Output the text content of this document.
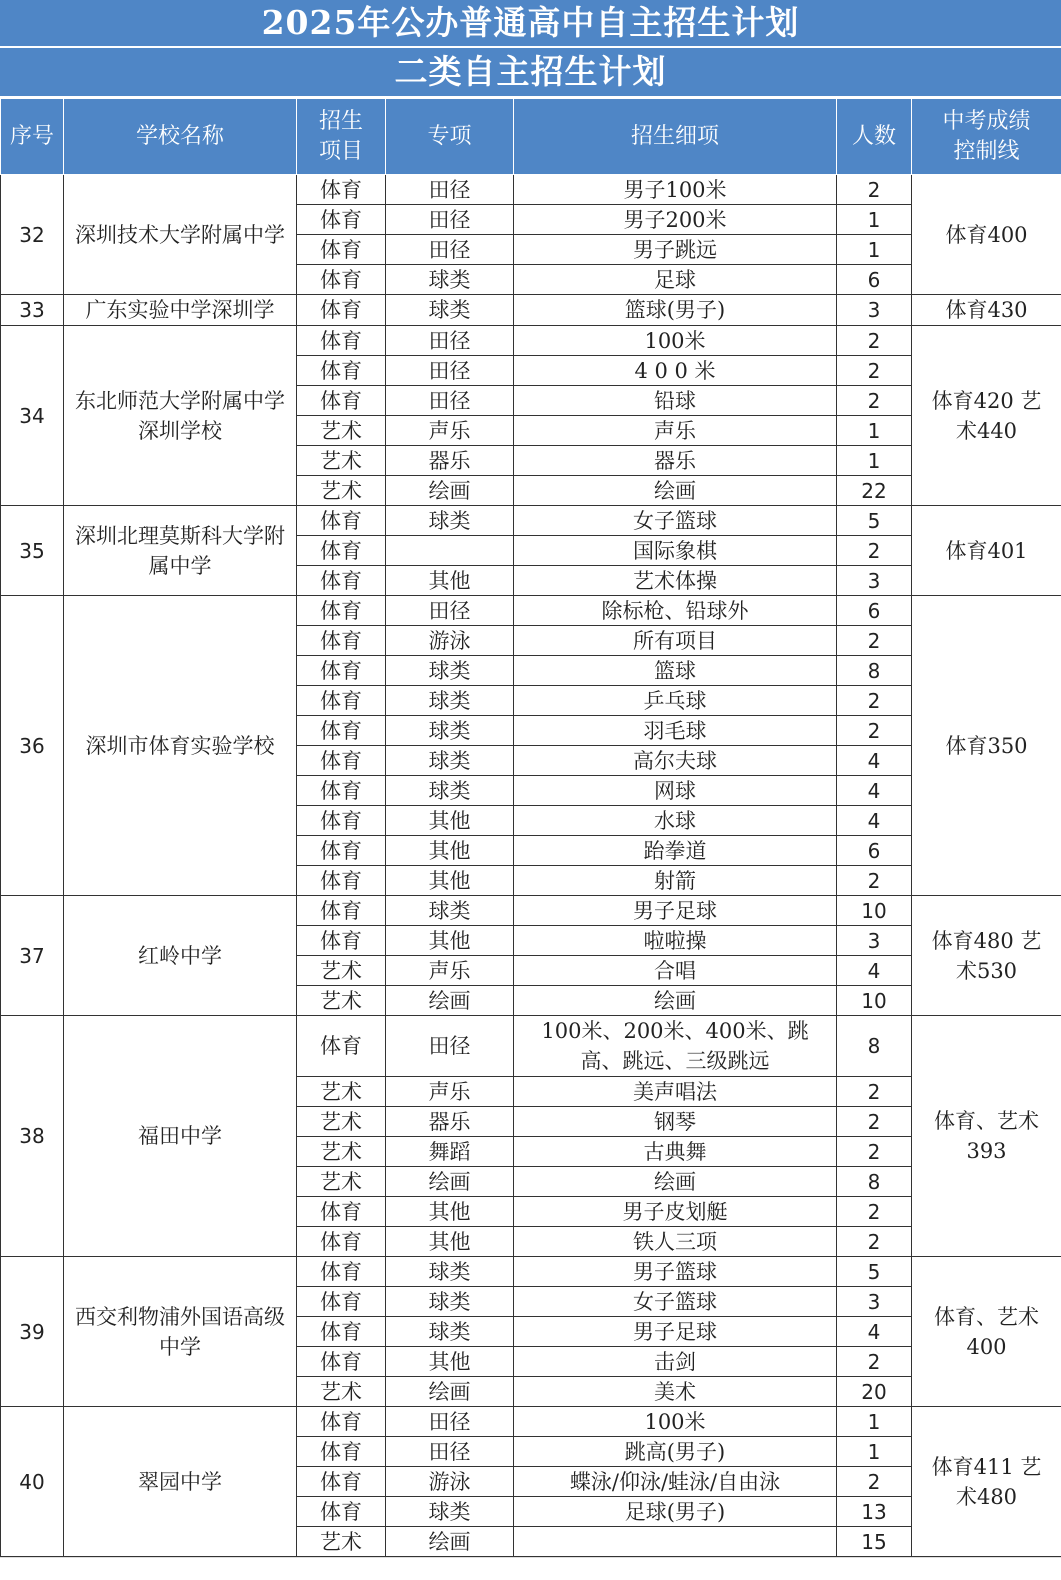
2025年公办普通高中自主招生计划
二类自主招生计划
序号	学校名称	招生项目	专项	招生细项	人数	中考成绩控制线
32	深圳技术大学附属中学	体育	田径	男子100米	2	体育400
		体育	田径	男子200米	1	
		体育	田径	男子跳远	1	
		体育	球类	足球	6	
33	广东实验中学深圳学	体育	球类	篮球(男子)	3	体育430
34	东北师范大学附属中学深圳学校	体育	田径	100米	2	体育420 艺术440
		体育	田径	4 0 0 米	2	
		体育	田径	铅球	2	
		艺术	声乐	声乐	1	
		艺术	器乐	器乐	1	
		艺术	绘画	绘画	22	
35	深圳北理莫斯科大学附属中学	体育	球类	女子篮球	5	体育401
		体育		国际象棋	2	
		体育	其他	艺术体操	3	
36	深圳市体育实验学校	体育	田径	除标枪、铅球外	6	体育350
		体育	游泳	所有项目	2	
		体育	球类	篮球	8	
		体育	球类	乒乓球	2	
		体育	球类	羽毛球	2	
		体育	球类	高尔夫球	4	
		体育	球类	网球	4	
		体育	其他	水球	4	
		体育	其他	跆拳道	6	
		体育	其他	射箭	2	
37	红岭中学	体育	球类	男子足球	10	体育480 艺术530
		体育	其他	啦啦操	3	
		艺术	声乐	合唱	4	
		艺术	绘画	绘画	10	
38	福田中学	体育	田径	100米、200米、400米、跳高、跳远、三级跳远	8	体育、艺术393
		艺术	声乐	美声唱法	2	
		艺术	器乐	钢琴	2	
		艺术	舞蹈	古典舞	2	
		艺术	绘画	绘画	8	
		体育	其他	男子皮划艇	2	
		体育	其他	铁人三项	2	
39	西交利物浦外国语高级中学	体育	球类	男子篮球	5	体育、艺术400
		体育	球类	女子篮球	3	
		体育	球类	男子足球	4	
		体育	其他	击剑	2	
		艺术	绘画	美术	20	
40	翠园中学	体育	田径	100米	1	体育411 艺术480
		体育	田径	跳高(男子)	1	
		体育	游泳	蝶泳/仰泳/蛙泳/自由泳	2	
		体育	球类	足球(男子)	13	
		艺术	绘画		15	
